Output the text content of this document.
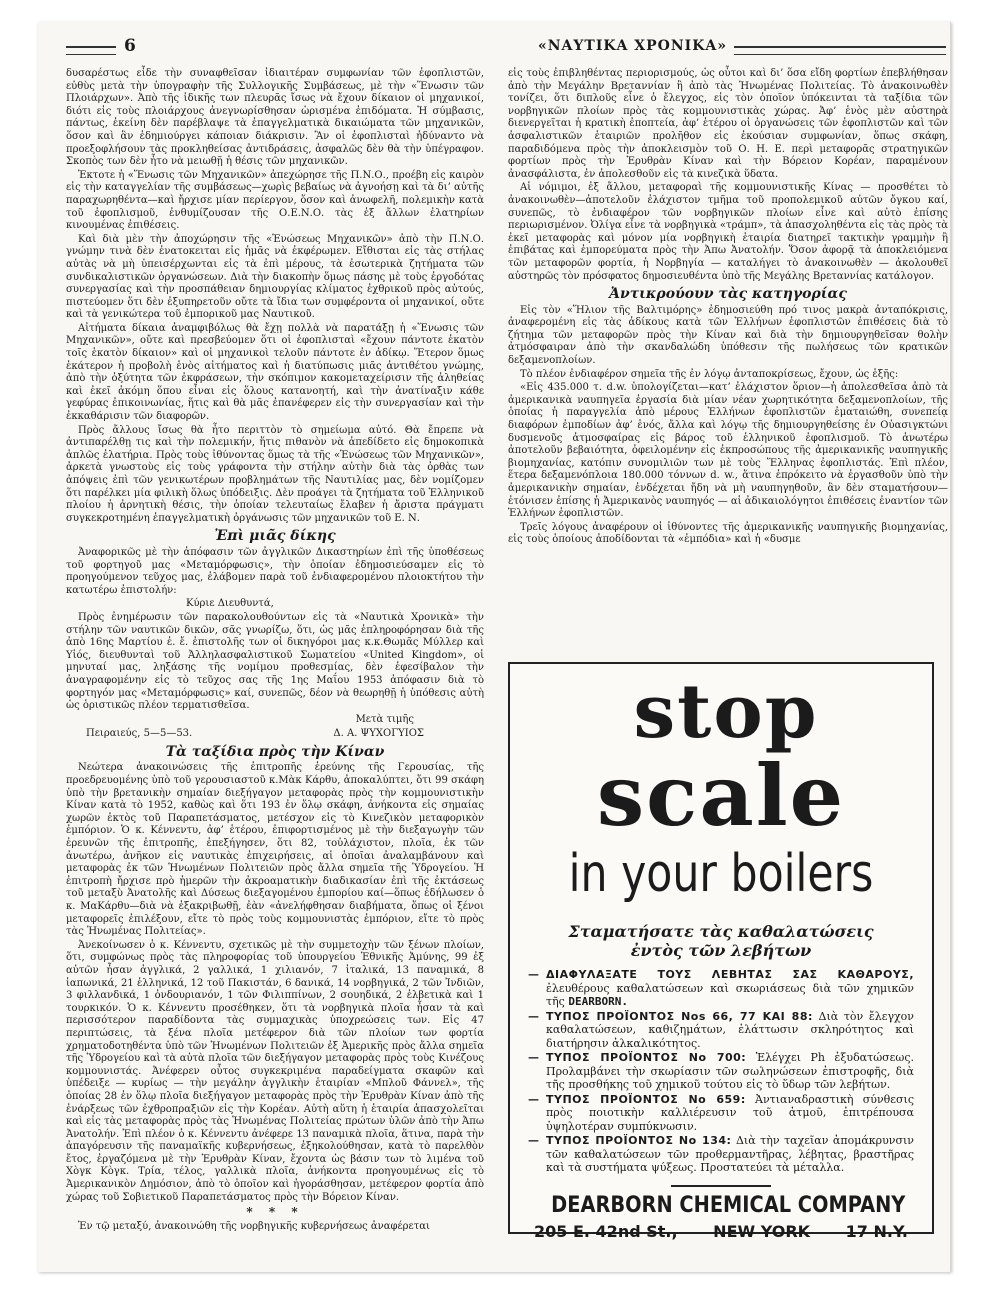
6	«ΝΑΥΤΙΚΑ ΧΡΟΝΙΚΑ»

δυσαρέστως εἶδε τὴν συναφθεῖσαν ἰδιαιτέραν συμφωνίαν τῶν ἐφοπλιστῶν, εὐθὺς μετὰ τὴν ὑπογραφὴν τῆς Συλλογικῆς Συμβάσεως, μὲ τὴν «Ἕνωσιν τῶν Πλοιάρχων». Ἀπὸ τῆς ἰδικῆς των πλευρᾶς ἴσως νὰ ἔχουν δίκαιον οἱ μηχανικοί, διότι εἰς τοὺς πλοιάρχους ἀνεγνωρίσθησαν ὡρισμένα ἐπιδόματα. Ἡ σύμβασις, πάντως, ἐκείνη δὲν παρέβλαψε τὰ ἐπαγγελματικὰ δικαιώματα τῶν μηχανικῶν, ὅσον καὶ ἂν ἐδημιούργει κάποιαν διάκρισιν. Ἂν οἱ ἐφοπλισταὶ ἠδύναντο νὰ προεξοφλήσουν τὰς προκληθείσας ἀντιδράσεις, ἀσφαλῶς δὲν θὰ τὴν ὑπέγραφον. Σκοπὸς των δὲν ἦτο νὰ μειωθῇ ἡ θέσις τῶν μηχανικῶν.

Ἐκτοτε ἡ «Ἕνωσις τῶν Μηχανικῶν» ἀπεχώρησε τῆς Π.Ν.Ο., προέβη εἰς καιρὸν εἰς τὴν καταγγελίαν τῆς συμβάσεως—χωρὶς βεβαίως νὰ ἀγνοήσῃ καὶ τὰ δι’ αὐτῆς παραχωρηθέντα—καὶ ἤρχισε μίαν περίεργον, ὅσον καὶ ἀνωφελῆ, πολεμικὴν κατὰ τοῦ ἐφοπλισμοῦ, ἐνθυμίζουσαν τῆς Ο.Ε.Ν.Ο. τὰς ἐξ ἄλλων ἐλατηρίων κινουμένας ἐπιθέσεις.

Καὶ διὰ μὲν τὴν ἀποχώρησιν τῆς «Ἑνώσεως Μηχανικῶν» ἀπὸ τὴν Π.Ν.Ο. γνώμην τινὰ δὲν ἐνατοκειται εἰς ἡμᾶς νὰ ἐκφέρωμεν. Εἴθισται εἰς τὰς στήλας αὐτὰς νὰ μὴ ὑπεισέρχωνται εἰς τὰ ἐπὶ μέρους, τὰ ἐσωτερικὰ ζητήματα τῶν συνδικαλιστικῶν ὀργανώσεων. Διὰ τὴν διακοπὴν ὅμως πάσης μὲ τοὺς ἐργοδότας συνεργασίας καὶ τὴν προσπάθειαν δημιουργίας κλίματος ἐχθρικοῦ πρὸς αὐτούς, πιστεύομεν ὅτι δὲν ἐξυπηρετοῦν οὔτε τὰ ἴδια των συμφέροντα οἱ μηχανικοί, οὔτε καὶ τὰ γενικώτερα τοῦ ἐμπορικοῦ μας Ναυτικοῦ.

Αἰτήματα δίκαια ἀναμφιβόλως θὰ ἔχῃ πολλὰ νὰ παρατάξῃ ἡ «Ἕνωσις τῶν Μηχανικῶν», οὔτε καὶ πρεσβεύομεν ὅτι οἱ ἐφοπλισταὶ «ἔχουν πάντοτε ἑκατὸν τοῖς ἑκατὸν δίκαιον» καὶ οἱ μηχανικοὶ τελοῦν πάντοτε ἐν ἀδίκῳ. Ἕτερον ὅμως ἑκάτερον ἡ προβολὴ ἑνὸς αἰτήματος καὶ ἡ διατύπωσις μιᾶς ἀντιθέτου γνώμης, ἀπὸ τὴν ὀξύτητα τῶν ἐκφράσεων, τὴν σκόπιμον κακομεταχείρισιν τῆς ἀληθείας καὶ ἐκεῖ ἀκόμη ὅπου εἶναι εἰς ὅλους κατανοητή, καὶ τὴν ἀνατίναξιν κάθε γεφύρας ἐπικοινωνίας, ἥτις καὶ θὰ μᾶς ἐπανέφερεν εἰς τὴν συνεργασίαν καὶ τὴν ἐκκαθάρισιν τῶν διαφορῶν.

Πρὸς ἄλλους ἴσως θὰ ἦτο περιττὸν τὸ σημείωμα αὐτό. Θὰ ἔπρεπε νὰ ἀντιπαρέλθῃ τις καὶ τὴν πολεμικήν, ἥτις πιθανὸν νὰ ἀπεδίδετο εἰς δημοκοπικὰ ἁπλῶς ἐλατήρια. Πρὸς τοὺς ἰθύνοντας ὅμως τὰ τῆς «Ἑνώσεως τῶν Μηχανικῶν», ἀρκετὰ γνωστοὺς εἰς τοὺς γράφοντα τὴν στήλην αὐτὴν διὰ τὰς ὀρθὰς των ἀπόψεις ἐπὶ τῶν γενικωτέρων προβλημάτων τῆς Ναυτιλίας μας, δὲν νομίζομεν ὅτι παρέλκει μία φιλικὴ ὅλως ὑπόδειξις. Δὲν προάγει τὰ ζητήματα τοῦ Ἑλληνικοῦ πλοίου ἡ ἀρνητικὴ θέσις, τὴν ὁποίαν τελευταίως ἔλαβεν ἡ ἄριστα πράγματι συγκεκροτημένη ἐπαγγελματικὴ ὀργάνωσις τῶν μηχανικῶν τοῦ Ε. Ν.

Ἐπὶ μιᾶς δίκης

Ἀναφορικῶς μὲ τὴν ἀπόφασιν τῶν ἀγγλικῶν Δικαστηρίων ἐπὶ τῆς ὑποθέσεως τοῦ φορτηγοῦ μας «Μεταμόρφωσις», τὴν ὁποίαν ἐδημοσιεύσαμεν εἰς τὸ προηγούμενον τεῦχος μας, ἐλάβομεν παρὰ τοῦ ἐνδιαφερομένου πλοιοκτήτου τὴν κατωτέρω ἐπιστολήν:

Κύριε Διευθυντά,

Πρὸς ἐνημέρωσιν τῶν παρακολουθούντων εἰς τὰ «Ναυτικὰ Χρονικὰ» τὴν στήλην τῶν ναυτικῶν δικῶν, σᾶς γνωρίζω, ὅτι, ὡς μᾶς ἐπληροφόρησαν διὰ τῆς ἀπὸ 16ης Μαρτίου ἐ. ἔ. ἐπιστολῆς των οἱ δικηγόροι μας κ.κ.Θωμᾶς Μύλλερ καὶ Υἱός, διευθυνταὶ τοῦ Ἀλληλασφαλιστικοῦ Σωματείου «United Kingdom», οἱ μηνυταί μας, ληξάσης τῆς νομίμου προθεσμίας, δὲν ἐφεσίβαλον τὴν ἀναγραφομένην εἰς τὸ τεῦχος σας τῆς 1ης Μαΐου 1953 ἀπόφασιν διὰ τὸ φορτηγόν μας «Μεταμόρφωσις» καί, συνεπῶς, δέον νὰ θεωρηθῇ ἡ ὑπόθεσις αὐτὴ ὡς ὁριστικῶς πλέον τερματισθεῖσα.

Μετὰ τιμῆς
Πειραιεύς, 5—5—53.	Δ. Α. ΨΥΧΟΓΥΙΟΣ
Τὰ ταξίδια πρὸς τὴν Κίναν

Νεώτερα ἀνακοινώσεις τῆς ἐπιτροπῆς ἐρεύνης τῆς Γερουσίας, τῆς προεδρευομένης ὑπὸ τοῦ γερουσιαστοῦ κ.Μὰκ Κάρθυ, ἀποκαλύπτει, ὅτι 99 σκάφη ὑπὸ τὴν βρετανικὴν σημαίαν διεξήγαγον μεταφορὰς πρὸς τὴν κομμουνιστικὴν Κίναν κατὰ τὸ 1952, καθὼς καὶ ὅτι 193 ἐν ὅλῳ σκάφη, ἀνήκοντα εἰς σημαίας χωρῶν ἐκτὸς τοῦ Παραπετάσματος, μετέσχον εἰς τὸ Κινεζικὸν μεταφορικὸν ἐμπόριον. Ὁ κ. Κέννεντυ, ἀφ’ ἑτέρου, ἐπιφορτισμένος μὲ τὴν διεξαγωγὴν τῶν ἐρευνῶν τῆς ἐπιτροπῆς, ἐπεξήγησεν, ὅτι 82, τοὐλάχιστον, πλοῖα, ἐκ τῶν ἀνωτέρω, ἀνῆκον εἰς ναυτικὰς ἐπιχειρήσεις, αἱ ὁποῖαι ἀναλαμβάνουν καὶ μεταφορὰς ἐκ τῶν Ἡνωμένων Πολιτειῶν πρὸς ἄλλα σημεῖα τῆς Ὑδρογείου. Ἡ ἐπιτροπὴ ἤρχισε πρὸ ἡμερῶν τὴν ἀκροαματικὴν διαδικασίαν ἐπὶ τῆς ἐκτάσεως τοῦ μεταξὺ Ἀνατολῆς καὶ Δύσεως διεξαγομένου ἐμπορίου καί—ὅπως ἐδήλωσεν ὁ κ. ΜαΚάρθυ—διὰ νὰ ἐξακριβωθῇ, ἐὰν «ἀνελήφθησαν διαβήματα, ὅπως οἱ ξένοι μεταφορεῖς ἐπιλέξουν, εἴτε τὸ πρὸς τοὺς κομμουνιστὰς ἐμπόριον, εἴτε τὸ πρὸς τὰς Ἡνωμένας Πολιτείας».

Ἀνεκοίνωσεν ὁ κ. Κέννεντυ, σχετικῶς μὲ τὴν συμμετοχὴν τῶν ξένων πλοίων, ὅτι, συμφώνως πρὸς τὰς πληροφορίας τοῦ ὑπουργείου Ἐθνικῆς Ἀμύνης, 99 ἐξ αὐτῶν ἦσαν ἀγγλικά, 2 γαλλικά, 1 χιλιανόν, 7 ἰταλικά, 13 παναμικά, 8 ἰαπωνικά, 21 ἑλληνικά, 12 τοῦ Πακιστάν, 6 δανικά, 14 νορβηγικά, 2 τῶν Ἰνδιῶν, 3 φιλλανδικά, 1 ὀνδουριανόν, 1 τῶν Φιλιππίνων, 2 σουηδικά, 2 ἐλβετικὰ καὶ 1 τουρκικόν. Ὁ κ. Κέννεντυ προσέθηκεν, ὅτι τὰ νορβηγικὰ πλοῖα ἦσαν τὰ καὶ περισσότερον παραδίδοντα τὰς συμμαχικὰς ὑποχρεώσεις των. Εἰς 47 περιπτώσεις, τὰ ξένα πλοῖα μετέφερον διὰ τῶν πλοίων των φορτία χρηματοδοτηθέντα ὑπὸ τῶν Ἡνωμένων Πολιτειῶν ἐξ Ἀμερικῆς πρὸς ἄλλα σημεῖα τῆς Ὑδρογείου καὶ τὰ αὐτὰ πλοῖα τῶν διεξήγαγον μεταφορὰς πρὸς τοὺς Κινέζους κομμουνιστάς. Ἀνέφερεν οὗτος συγκεκριμένα παραδείγματα σκαφῶν καὶ ὑπέδειξε — κυρίως — τὴν μεγάλην ἀγγλικὴν ἑταιρίαν «Μπλοῦ Φάννελ», τῆς ὁποίας 28 ἐν ὅλῳ πλοῖα διεξήγαγον μεταφορὰς πρὸς τὴν Ἐρυθρὰν Κίναν ἀπὸ τῆς ἐνάρξεως τῶν ἐχθροπραξιῶν εἰς τὴν Κορέαν. Αὐτὴ αὕτη ἡ ἑταιρία ἀπασχολεῖται καὶ εἰς τὰς μεταφορὰς πρὸς τὰς Ἡνωμένας Πολιτείας πρώτων ὑλῶν ἀπὸ τὴν Ἀπω Ἀνατολήν. Ἐπὶ πλέον ὁ κ. Κέννεντυ ἀνέφερε 13 παναμικὰ πλοῖα, ἅτινα, παρὰ τὴν ἀπαγόρευσιν τῆς παναμαϊκῆς κυβερνήσεως, ἐξηκολούθησαν, κατὰ τὸ παρελθὸν ἔτος, ἐργαζόμενα μὲ τὴν Ἐρυθρὰν Κίναν, ἔχοντα ὡς βάσιν των τὸ λιμένα τοῦ Χὸγκ Κὸγκ. Τρία, τέλος, γαλλικὰ πλοῖα, ἀνήκοντα προηγουμένως εἰς τὸ Ἀμερικανικὸν Δημόσιον, ἀπὸ τὸ ὁποῖον καὶ ἠγοράσθησαν, μετέφερον φορτία ἀπὸ χώρας τοῦ Σοβιετικοῦ Παραπετάσματος πρὸς τὴν Βόρειον Κίναν.

* * *

Ἐν τῷ μεταξύ, ἀνακοινώθη τῆς νορβηγικῆς κυβερνήσεως ἀναφέρεται

εἰς τοὺς ἐπιβληθέντας περιορισμούς, ὡς οὗτοι καὶ δι’ ὅσα εἴδη φορτίων ἐπεβλήθησαν ἀπὸ τὴν Μεγάλην Βρεταννίαν ἢ ἀπὸ τὰς Ἡνωμένας Πολιτείας. Τὸ ἀνακοινωθὲν τονίζει, ὅτι διπλοῦς εἶνε ὁ ἔλεγχος, εἰς τὸν ὁποῖον ὑπόκεινται τὰ ταξίδια τῶν νορβηγικῶν πλοίων πρὸς τὰς κομμουνιστικὰς χώρας. Ἀφ’ ἑνὸς μὲν αὐστηρὰ διενεργεῖται ἡ κρατικὴ ἐποπτεία, ἀφ’ ἑτέρου οἱ ὀργανώσεις τῶν ἐφοπλιστῶν καὶ τῶν ἀσφαλιστικῶν ἑταιριῶν προλῆθον εἰς ἐκούσιαν συμφωνίαν, ὅπως σκάφη, παραδιδόμενα πρὸς τὴν ἀποκλεισμὸν τοῦ Ο. Η. Ε. περὶ μεταφορᾶς στρατηγικῶν φορτίων πρὸς τὴν Ἐρυθρὰν Κίναν καὶ τὴν Βόρειον Κορέαν, παραμένουν ἀνασφάλιστα, ἐν ἀπολεσθοῦν εἰς τὰ κινεζικὰ ὕδατα.

Αἱ νόμιμοι, ἐξ ἄλλου, μεταφοραὶ τῆς κομμουνιστικῆς Κίνας — προσθέτει τὸ ἀνακοινωθὲν—ἀποτελοῦν ἐλάχιστον τμῆμα τοῦ προπολεμικοῦ αὐτῶν ὄγκου καί, συνεπῶς, τὸ ἐνδιαφέρον τῶν νορβηγικῶν πλοίων εἶνε καὶ αὐτὸ ἐπίσης περιωρισμένον. Ὀλίγα εἶνε τὰ νορβηγικὰ «τράμπ», τὰ ἀπασχοληθέντα εἰς τὰς πρὸς τὰ ἐκεῖ μεταφορὰς καὶ μόνον μία νορβηγικὴ ἑταιρία διατηρεῖ τακτικὴν γραμμὴν ἢ ἐπιβάτας καὶ ἐμπορεύματα πρὸς τὴν Ἀπω Ἀνατολήν. Ὅσον ἀφορᾷ τὰ ἀποκλειόμενα τῶν μεταφορῶν φορτία, ἡ Νορβηγία — καταλήγει τὸ ἀνακοινωθὲν — ἀκολουθεῖ αὐστηρῶς τὸν πρόσφατος δημοσιευθέντα ὑπὸ τῆς Μεγάλης Βρεταννίας κατάλογον.

Ἀντικρούουν τὰς κατηγορίας

Εἰς τὸν «Ἥλιον τῆς Βαλτιμόρης» ἐδημοσιεύθη πρό τινος μακρὰ ἀνταπόκρισις, ἀναφερομένη εἰς τὰς ἀδίκους κατὰ τῶν Ἑλλήνων ἐφοπλιστῶν ἐπιθέσεις διὰ τὸ ζήτημα τῶν μεταφορῶν πρὸς τὴν Κίναν καὶ διὰ τὴν δημιουργηθεῖσαν θολὴν ἀτμόσφαιραν ἀπὸ τὴν σκανδαλώδη ὑπόθεσιν τῆς πωλήσεως τῶν κρατικῶν δεξαμενοπλοίων.

Τὸ πλέον ἐνδιαφέρον σημεῖα τῆς ἐν λόγῳ ἀνταποκρίσεως, ἔχουν, ὡς ἑξῆς:

«Εἰς 435.000 τ. d.w. ὑπολογίζεται—κατ’ ἐλάχιστον ὅριον—ἡ ἀπολεσθεῖσα ἀπὸ τὰ ἀμερικανικὰ ναυπηγεῖα ἐργασία διὰ μίαν νέαν χωρητικότητα δεξαμενοπλοίων, τῆς ὁποίας ἡ παραγγελία ἀπὸ μέρους Ἑλλήνων ἐφοπλιστῶν ἐματαιώθη, συνεπείᾳ διαφόρων ἐμποδίων ἀφ’ ἑνός, ἄλλα καὶ λόγῳ τῆς δημιουργηθείσης ἐν Οὐασιγκτώνι δυσμενοῦς ἀτμοσφαίρας εἰς βάρος τοῦ ἑλληνικοῦ ἐφοπλισμοῦ. Τὸ ἀνωτέρω ἀποτελοῦν βεβαιότητα, ὀφειλομένην εἰς ἐκπροσώπους τῆς ἀμερικανικῆς ναυπηγικῆς βιομηχανίας, κατόπιν συνομιλιῶν των μὲ τοὺς Ἕλληνας ἐφοπλιστάς. Ἐπὶ πλέον, ἕτερα δεξαμενόπλοια 180.000 τόννων d. w., ἅτινα ἐπρόκειτο νὰ ἐργασθοῦν ὑπὸ τὴν ἀμερικανικὴν σημαίαν, ἐνδέχεται ἤδη νὰ μὴ ναυπηγηθοῦν, ἂν δὲν σταματήσουν—ἐτόνισεν ἐπίσης ἡ Ἀμερικανὸς ναυπηγός — αἱ ἀδικαιολόγητοι ἐπιθέσεις ἐναντίον τῶν Ἑλλήνων ἐφοπλιστῶν.

Τρεῖς λόγους ἀναφέρουν οἱ ἰθύνοντες τῆς ἀμερικανικῆς ναυπηγικῆς βιομηχανίας, εἰς τοὺς ὁποίους ἀποδίδονται τὰ «ἐμπόδια» καὶ ἡ «δυσμε

stop
scale
in your boilers
Σταματήσατε τὰς καθαλατώσεις
ἐντὸς τῶν λεβήτων
— ΔΙΑΦΥΛΑΞΑΤΕ ΤΟΥΣ ΛΕΒΗΤΑΣ ΣΑΣ ΚΑΘΑΡΟΥΣ, ἐλευθέρους καθαλατώσεων καὶ σκωριάσεως διὰ τῶν χημικῶν τῆς DEARBORN.
— ΤΥΠΟΣ ΠΡΟΪΟΝΤΟΣ Nos 66, 77 ΚΑΙ 88: Διὰ τὸν ἔλεγχον καθαλατώσεων, καθιζημάτων, ἐλάττωσιν σκληρότητος καὶ διατήρησιν ἀλκαλικότητος.
— ΤΥΠΟΣ ΠΡΟΪΟΝΤΟΣ No 700: Ἐλέγχει Ph ἐξυδατώσεως. Προλαμβάνει τὴν σκωρίασιν τῶν σωληνώσεων ἐπιστροφῆς, διὰ τῆς προσθήκης τοῦ χημικοῦ τούτου εἰς τὸ ὕδωρ τῶν λεβήτων.
— ΤΥΠΟΣ ΠΡΟΪΟΝΤΟΣ No 659: Ἀντιαναδραστικὴ σύνθεσις πρὸς ποιοτικὴν καλλιέρευσιν τοῦ ἀτμοῦ, ἐπιτρέπουσα ὑψηλοτέραν συμπύκνωσιν.
— ΤΥΠΟΣ ΠΡΟΪΟΝΤΟΣ No 134: Διὰ τὴν ταχεῖαν ἀπομάκρυνσιν τῶν καθαλατώσεων τῶν προθερμαντῆρας, λέβητας, βραστῆρας καὶ τὰ συστήματα ψύξεως. Προστατεύει τὰ μέταλλα.
DEARBORN CHEMICAL COMPANY
205 E. 42nd St., NEW YORK 17 N.Y.
